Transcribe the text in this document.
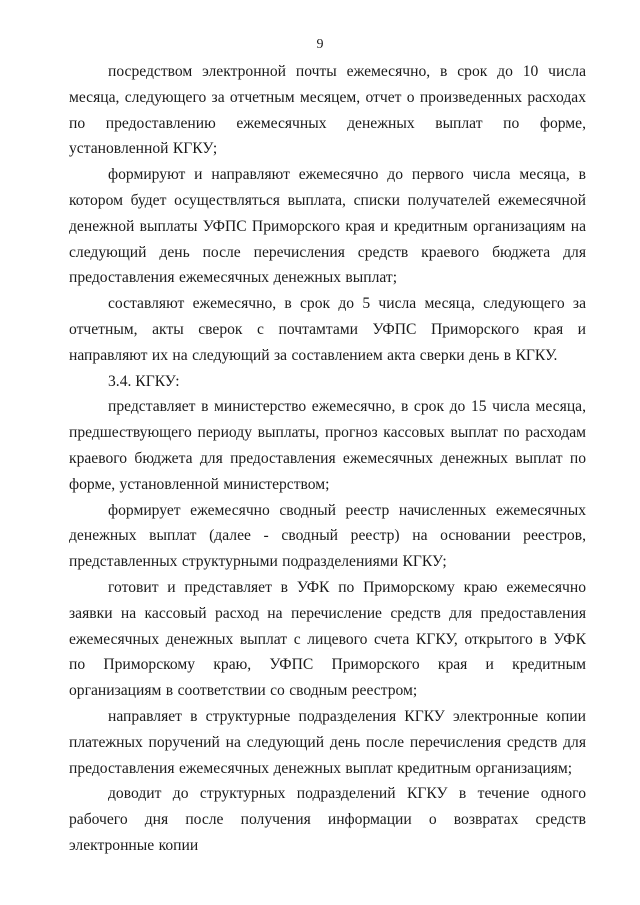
9

посредством электронной почты ежемесячно, в срок до 10 числа месяца, следующего за отчетным месяцем, отчет о произведенных расходах по предоставлению ежемесячных денежных выплат по форме, установленной КГКУ;

формируют и направляют ежемесячно до первого числа месяца, в котором будет осуществляться выплата, списки получателей ежемесячной денежной выплаты УФПС Приморского края и кредитным организациям на следующий день после перечисления средств краевого бюджета для предоставления ежемесячных денежных выплат;

составляют ежемесячно, в срок до 5 числа месяца, следующего за отчетным, акты сверок с почтамтами УФПС Приморского края и направляют их на следующий за составлением акта сверки день в КГКУ.

3.4. КГКУ:

представляет в министерство ежемесячно, в срок до 15 числа месяца, предшествующего периоду выплаты, прогноз кассовых выплат по расходам краевого бюджета для предоставления ежемесячных денежных выплат по форме, установленной министерством;

формирует ежемесячно сводный реестр начисленных ежемесячных денежных выплат (далее - сводный реестр) на основании реестров, представленных структурными подразделениями КГКУ;

готовит и представляет в УФК по Приморскому краю ежемесячно заявки на кассовый расход на перечисление средств для предоставления ежемесячных денежных выплат с лицевого счета КГКУ, открытого в УФК по Приморскому краю, УФПС Приморского края и кредитным организациям в соответствии со сводным реестром;

направляет в структурные подразделения КГКУ электронные копии платежных поручений на следующий день после перечисления средств для предоставления ежемесячных денежных выплат кредитным организациям;

доводит до структурных подразделений КГКУ в течение одного рабочего дня после получения информации о возвратах средств электронные копии
